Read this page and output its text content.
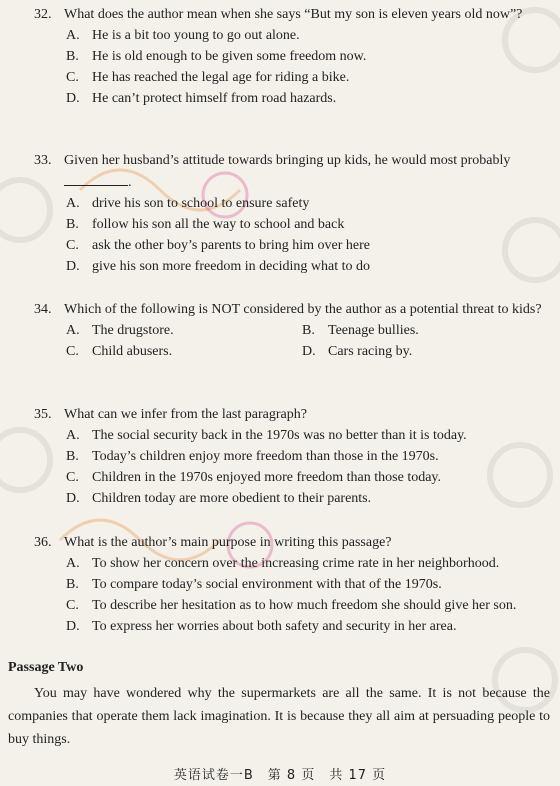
32. What does the author mean when she says “But my son is eleven years old now”?
A. He is a bit too young to go out alone.
B. He is old enough to be given some freedom now.
C. He has reached the legal age for riding a bike.
D. He can’t protect himself from road hazards.
33. Given her husband’s attitude towards bringing up kids, he would most probably
.
A. drive his son to school to ensure safety
B. follow his son all the way to school and back
C. ask the other boy’s parents to bring him over here
D. give his son more freedom in deciding what to do
34. Which of the following is NOT considered by the author as a potential threat to kids?
A. The drugstore.	B. Teenage bullies.
C. Child abusers.	D. Cars racing by.
35. What can we infer from the last paragraph?
A. The social security back in the 1970s was no better than it is today.
B. Today’s children enjoy more freedom than those in the 1970s.
C. Children in the 1970s enjoyed more freedom than those today.
D. Children today are more obedient to their parents.
36. What is the author’s main purpose in writing this passage?
A. To show her concern over the increasing crime rate in her neighborhood.
B. To compare today’s social environment with that of the 1970s.
C. To describe her hesitation as to how much freedom she should give her son.
D. To express her worries about both safety and security in her area.
Passage Two
You may have wondered why the supermarkets are all the same. It is not because the companies that operate them lack imagination. It is because they all aim at persuading people to buy things.
英语试卷一B　第 8 页　共 17 页
